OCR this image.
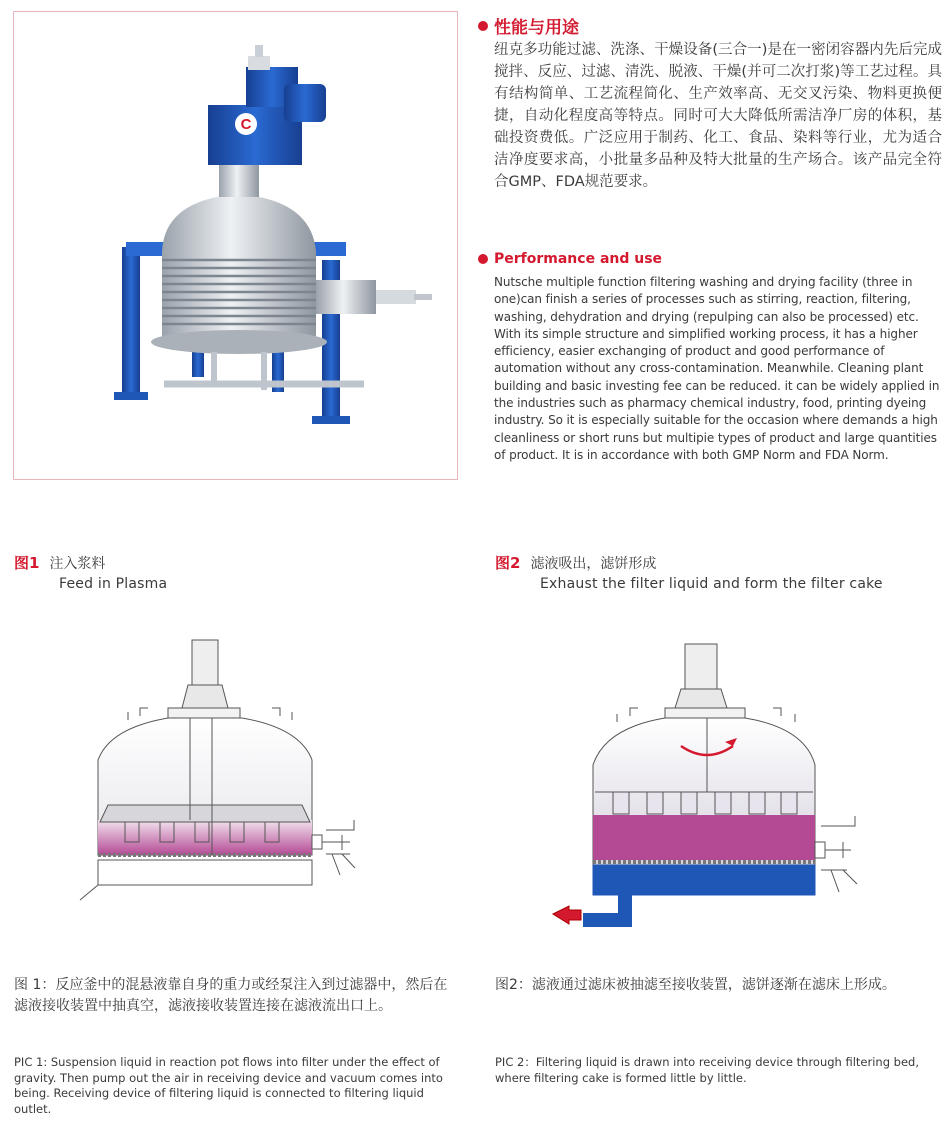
C
性能与用途

纽克多功能过滤、洗涤、干燥设备(三合一)是在一密闭容器内先后完成搅拌、反应、过滤、清洗、脱液、干燥(并可二次打浆)等工艺过程。具有结构简单、工艺流程简化、生产效率高、无交叉污染、物料更换便捷，自动化程度高等特点。同时可大大降低所需洁净厂房的体积，基础投资费低。广泛应用于制药、化工、食品、染料等行业，尤为适合洁净度要求高，小批量多品种及特大批量的生产场合。该产品完全符合GMP、FDA规范要求。

Performance and use

Nutsche multiple function filtering washing and drying facility (three in one)can finish a series of processes such as stirring, reaction, filtering, washing, dehydration and drying (repulping can also be processed) etc. With its simple structure and simplified working process, it has a higher efficiency, easier exchanging of product and good performance of automation without any cross-contamination. Meanwhile. Cleaning plant building and basic investing fee can be reduced. it can be widely applied in the industries such as pharmacy chemical industry, food, printing dyeing industry. So it is especially suitable for the occasion where demands a high cleanliness or short runs but multipie types of product and large quantities of product. It is in accordance with both GMP Norm and FDA Norm.

图1 注入浆料
Feed in Plasma
图2 滤液吸出，滤饼形成
Exhaust the filter liquid and form the filter cake

图 1：反应釜中的混悬液靠自身的重力或经泵注入到过滤器中，然后在滤液接收装置中抽真空，滤液接收装置连接在滤液流出口上。

图2：滤液通过滤床被抽滤至接收装置，滤饼逐渐在滤床上形成。

PIC 1: Suspension liquid in reaction pot flows into filter under the effect of gravity. Then pump out the air in receiving device and vacuum comes into being. Receiving device of filtering liquid is connected to filtering liquid outlet.

PIC 2：Filtering liquid is drawn into receiving device through filtering bed, where filtering cake is formed little by little.
